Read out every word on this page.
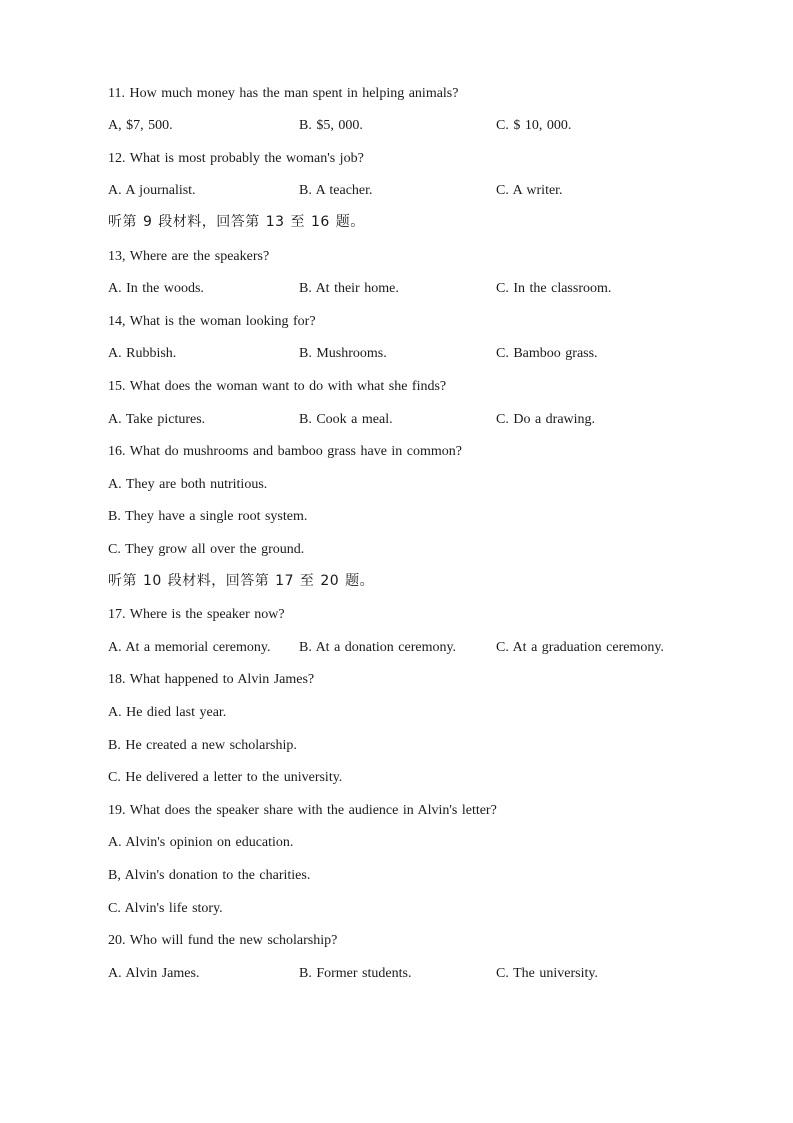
11. How much money has the man spent in helping animals?
A, $7, 500.	B. $5, 000.	C. $ 10, 000.
12. What is most probably the woman's job?
A. A journalist.	B. A teacher.	C. A writer.
听第 9 段材料，回答第 13 至 16 题。
13, Where are the speakers?
A. In the woods.	B. At their home.	C. In the classroom.
14, What is the woman looking for?
A. Rubbish.	B. Mushrooms.	C. Bamboo grass.
15. What does the woman want to do with what she finds?
A. Take pictures.	B. Cook a meal.	C. Do a drawing.
16. What do mushrooms and bamboo grass have in common?
A. They are both nutritious.
B. They have a single root system.
C. They grow all over the ground.
听第 10 段材料，回答第 17 至 20 题。
17. Where is the speaker now?
A. At a memorial ceremony. B. At a donation ceremony.	C. At a graduation ceremony.
18. What happened to Alvin James?
A. He died last year.
B. He created a new scholarship.
C. He delivered a letter to the university.
19. What does the speaker share with the audience in Alvin's letter?
A. Alvin's opinion on education.
B, Alvin's donation to the charities.
C. Alvin's life story.
20. Who will fund the new scholarship?
A. Alvin James.	B. Former students.	C. The university.
